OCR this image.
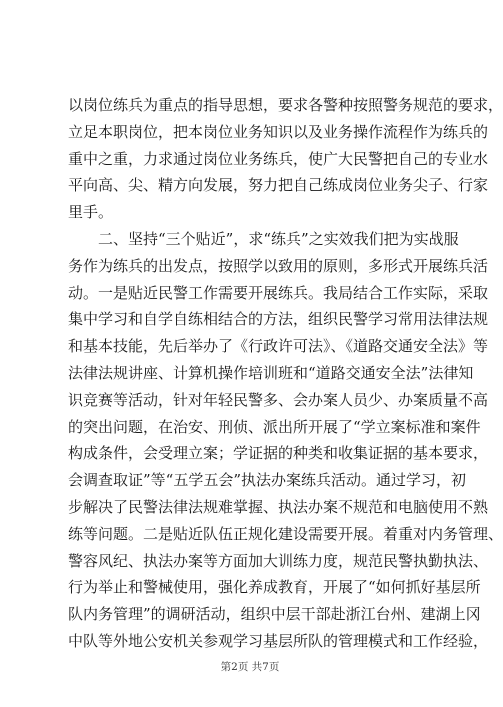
以岗位练兵为重点的指导思想，要求各警种按照警务规范的要求，
立足本职岗位，把本岗位业务知识以及业务操作流程作为练兵的
重中之重，力求通过岗位业务练兵，使广大民警把自己的专业水
平向高、尖、精方向发展，努力把自己练成岗位业务尖子、行家
里手。
　　二、坚持“三个贴近”，求“练兵”之实效我们把为实战服
务作为练兵的出发点，按照学以致用的原则，多形式开展练兵活
动。一是贴近民警工作需要开展练兵。我局结合工作实际，采取
集中学习和自学自练相结合的方法，组织民警学习常用法律法规
和基本技能，先后举办了《行政许可法》、《道路交通安全法》等
法律法规讲座、计算机操作培训班和“道路交通安全法”法律知
识竞赛等活动，针对年轻民警多、会办案人员少、办案质量不高
的突出问题，在治安、刑侦、派出所开展了“学立案标准和案件
构成条件，会受理立案；学证据的种类和收集证据的基本要求，
会调查取证”等“五学五会”执法办案练兵活动。通过学习，初
步解决了民警法律法规难掌握、执法办案不规范和电脑使用不熟
练等问题。二是贴近队伍正规化建设需要开展。着重对内务管理、
警容风纪、执法办案等方面加大训练力度，规范民警执勤执法、
行为举止和警械使用，强化养成教育，开展了“如何抓好基层所
队内务管理”的调研活动，组织中层干部赴浙江台州、建湖上冈
中队等外地公安机关参观学习基层所队的管理模式和工作经验，
第2页 共7页
